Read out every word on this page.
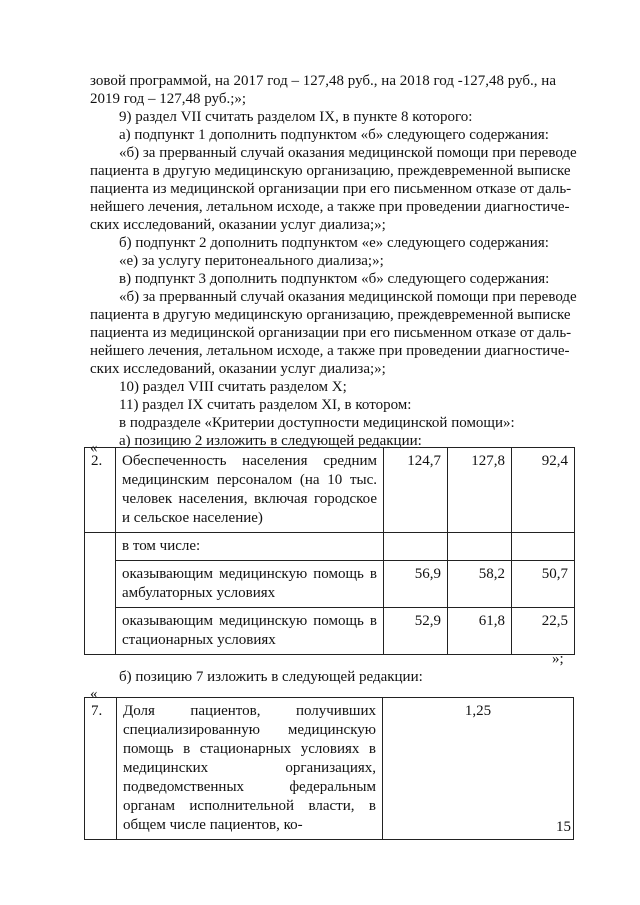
зовой программой, на 2017 год – 127,48 руб., на 2018 год -127,48 руб., на
2019 год – 127,48 руб.;»;
9) раздел VII считать разделом IX, в пункте 8 которого:
а) подпункт 1 дополнить подпунктом «б» следующего содержания:
«б) за прерванный случай оказания медицинской помощи при переводе
пациента в другую медицинскую организацию, преждевременной выписке
пациента из медицинской организации при его письменном отказе от даль-
нейшего лечения, летальном исходе, а также при проведении диагностиче-
ских исследований, оказании услуг диализа;»;
б) подпункт 2 дополнить подпунктом «е» следующего содержания:
«е) за услугу перитонеального диализа;»;
в) подпункт 3 дополнить подпунктом «б» следующего содержания:
«б) за прерванный случай оказания медицинской помощи при переводе
пациента в другую медицинскую организацию, преждевременной выписке
пациента из медицинской организации при его письменном отказе от даль-
нейшего лечения, летальном исходе, а также при проведении диагностиче-
ских исследований, оказании услуг диализа;»;
10) раздел VIII считать разделом X;
11) раздел IX считать разделом XI, в котором:
в подразделе «Критерии доступности медицинской помощи»:
а) позицию 2 изложить в следующей редакции:
«
2.	Обеспеченность населения средним медицинским персоналом (на 10 тыс. человек населения, включая городское и сельское население)	124,7	127,8	92,4
	в том числе:			
	оказывающим медицинскую помощь в амбулаторных условиях	56,9	58,2	50,7
	оказывающим медицинскую помощь в стационарных условиях	52,9	61,8	22,5
»;
б) позицию 7 изложить в следующей редакции:
«
7.	Доля пациентов, получивших специализированную медицинскую помощь в стационарных условиях в медицинских организациях, подведомственных федеральным органам исполнительной власти, в общем числе пациентов, ко-	1,25
15
